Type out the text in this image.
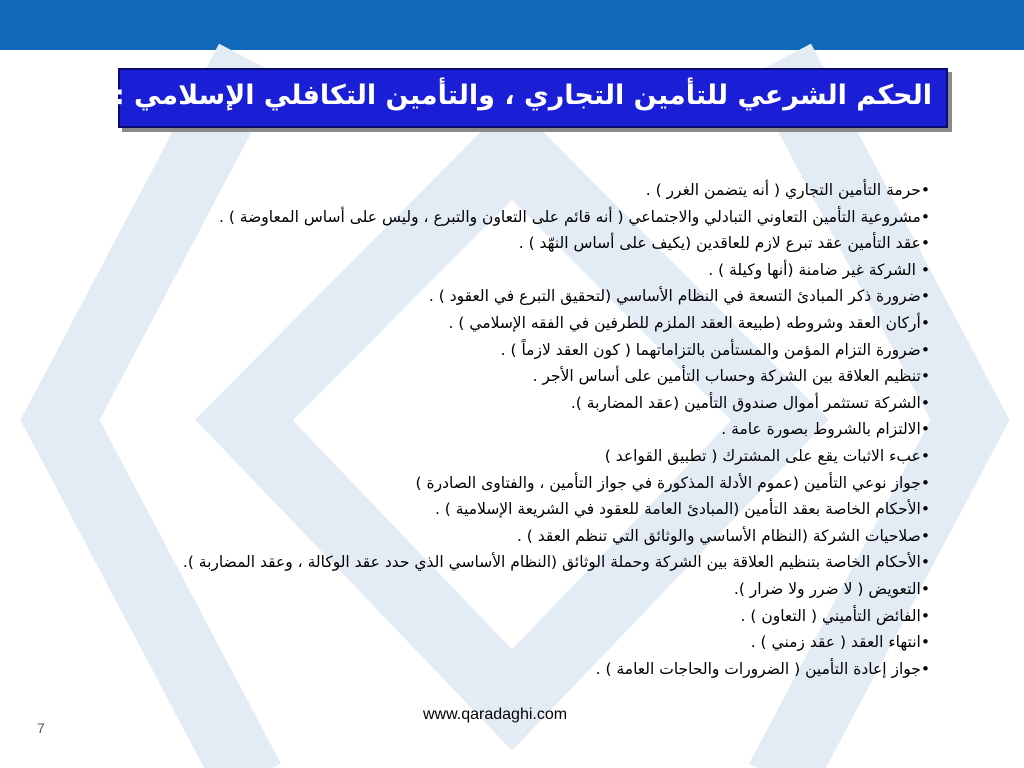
الحكم الشرعي للتأمين التجاري ، والتأمين التكافلي الإسلامي :
•حرمة التأمين التجاري ( أنه يتضمن الغرر ) .
•مشروعية التأمين التعاوني التبادلي والاجتماعي ( أنه قائم على التعاون والتبرع ، وليس على أساس المعاوضة ) .
•عقد التأمين عقد تبرع لازم للعاقدين (يكيف على أساس النهّد ) .
• الشركة غير ضامنة (أنها وكيلة ) .
•ضرورة ذكر المبادئ التسعة في النظام الأساسي (لتحقيق التبرع في العقود ) .
•أركان العقد وشروطه (طبيعة العقد الملزم للطرفين في الفقه الإسلامي ) .
•ضرورة التزام المؤمن والمستأمن بالتزاماتهما ( كون العقد لازماً ) .
•تنظيم العلاقة بين الشركة وحساب التأمين على أساس الأجر .
•الشركة تستثمر أموال صندوق التأمين (عقد المضاربة ).
•الالتزام بالشروط بصورة عامة .
•عبء الاثبات يقع على المشترك ( تطبيق القواعد )
•جواز نوعي التأمين (عموم الأدلة المذكورة في جواز التأمين ، والفتاوى الصادرة )
•الأحكام الخاصة بعقد التأمين (المبادئ العامة للعقود في الشريعة الإسلامية ) .
•صلاحيات الشركة (النظام الأساسي والوثائق التي تنظم العقد ) .
•الأحكام الخاصة بتنظيم العلاقة بين الشركة وحملة الوثائق (النظام الأساسي الذي حدد عقد الوكالة ، وعقد المضاربة ).
•التعويض ( لا ضرر ولا ضرار ).
•الفائض التأميني ( التعاون ) .
•انتهاء العقد ( عقد زمني ) .
•جواز إعادة التأمين ( الضرورات والحاجات العامة ) .
www.qaradaghi.com
7
